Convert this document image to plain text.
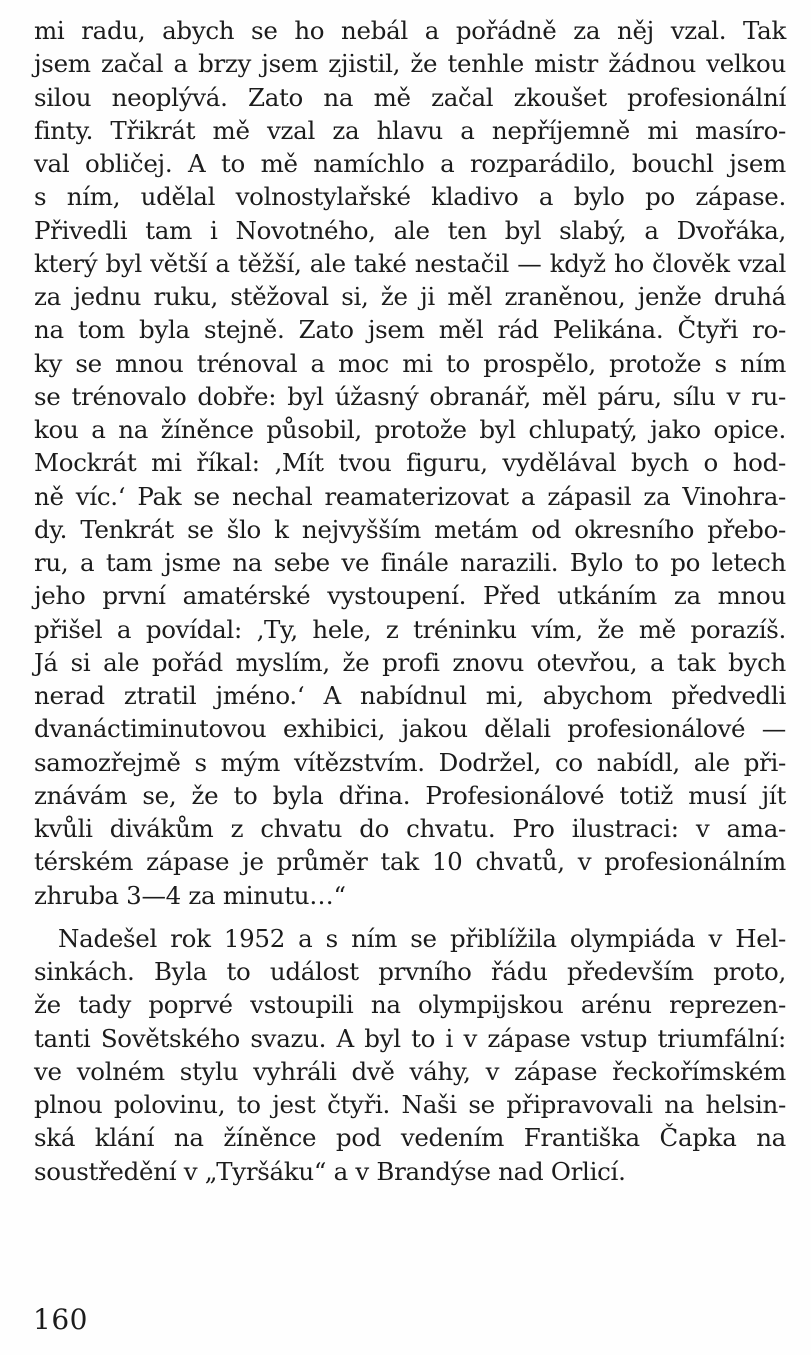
mi radu, abych se ho nebál a pořádně za něj vzal. Tak
jsem začal a brzy jsem zjistil, že tenhle mistr žádnou velkou
silou neoplývá. Zato na mě začal zkoušet profesionální
finty. Třikrát mě vzal za hlavu a nepříjemně mi masíro-
val obličej. A to mě namíchlo a rozparádilo, bouchl jsem
s ním, udělal volnostylařské kladivo a bylo po zápase.
Přivedli tam i Novotného, ale ten byl slabý, a Dvořáka,
který byl větší a těžší, ale také nestačil — když ho člověk vzal
za jednu ruku, stěžoval si, že ji měl zraněnou, jenže druhá
na tom byla stejně. Zato jsem měl rád Pelikána. Čtyři ro-
ky se mnou trénoval a moc mi to prospělo, protože s ním
se trénovalo dobře: byl úžasný obranář, měl páru, sílu v ru-
kou a na žíněnce působil, protože byl chlupatý, jako opice.
Mockrát mi říkal: ‚Mít tvou figuru, vydělával bych o hod-
ně víc.‘ Pak se nechal reamaterizovat a zápasil za Vinohra-
dy. Tenkrát se šlo k nejvyšším metám od okresního přebo-
ru, a tam jsme na sebe ve finále narazili. Bylo to po letech
jeho první amatérské vystoupení. Před utkáním za mnou
přišel a povídal: ‚Ty, hele, z tréninku vím, že mě porazíš.
Já si ale pořád myslím, že profi znovu otevřou, a tak bych
nerad ztratil jméno.‘ A nabídnul mi, abychom předvedli
dvanáctiminutovou exhibici, jakou dělali profesionálové —
samozřejmě s mým vítězstvím. Dodržel, co nabídl, ale při-
znávám se, že to byla dřina. Profesionálové totiž musí jít
kvůli divákům z chvatu do chvatu. Pro ilustraci: v ama-
térském zápase je průměr tak 10 chvatů, v profesionálním
zhruba 3—4 za minutu…“
Nadešel rok 1952 a s ním se přiblížila olympiáda v Hel-
sinkách. Byla to událost prvního řádu především proto,
že tady poprvé vstoupili na olympijskou arénu reprezen-
tanti Sovětského svazu. A byl to i v zápase vstup triumfální:
ve volném stylu vyhráli dvě váhy, v zápase řeckořímském
plnou polovinu, to jest čtyři. Naši se připravovali na helsin-
ská klání na žíněnce pod vedením Františka Čapka na
soustředění v „Tyršáku“ a v Brandýse nad Orlicí.
160
